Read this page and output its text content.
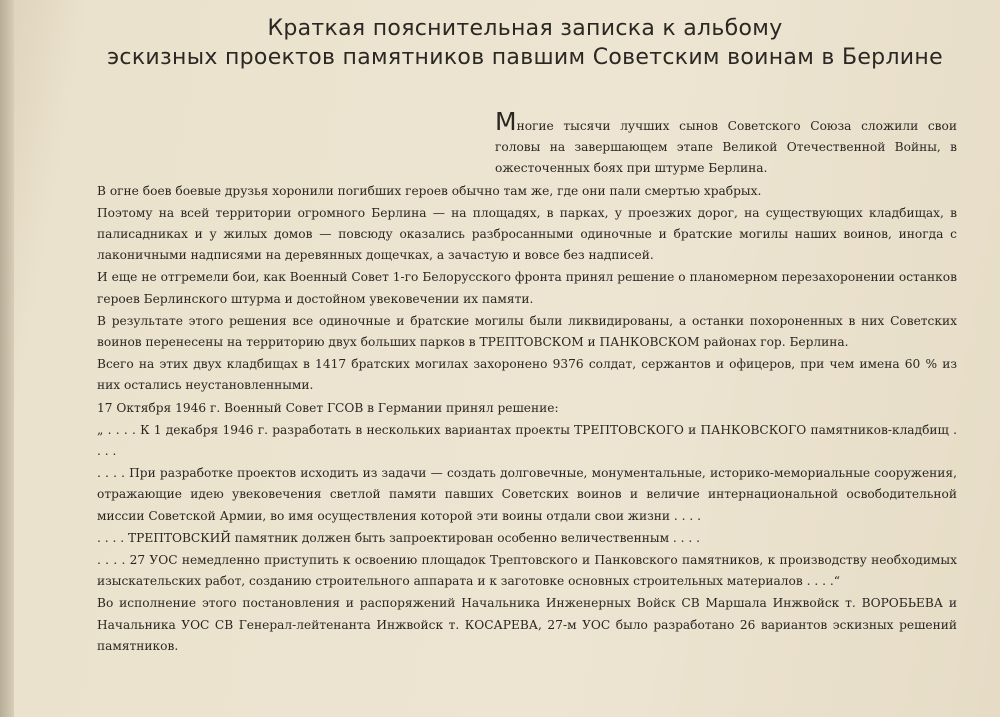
Краткая пояснительная записка к альбому
эскизных проектов памятников павшим Советским воинам в Берлине

Многие тысячи лучших сынов Советского Союза сложили свои головы на завершающем этапе Великой Отечественной Войны, в ожесточенных боях при штурме Берлина.

В огне боев боевые друзья хоронили погибших героев обычно там же, где они пали смертью храбрых.

Поэтому на всей территории огромного Берлина — на площадях, в парках, у проезжих дорог, на существующих кладбищах, в палисадниках и у жилых домов — повсюду оказались разбросанными одиночные и братские могилы наших воинов, иногда с лаконичными надписями на деревянных дощечках, а зачастую и вовсе без надписей.

И еще не отгремели бои, как Военный Совет 1-го Белорусского фронта принял решение о планомерном перезахоронении останков героев Берлинского штурма и достойном увековечении их памяти.

В результате этого решения все одиночные и братские могилы были ликвидированы, а останки похороненных в них Советских воинов перенесены на территорию двух больших парков в ТРЕПТОВСКОМ и ПАНКОВСКОМ районах гор. Берлина.

Всего на этих двух кладбищах в 1417 братских могилах захоронено 9376 солдат, сержантов и офицеров, при чем имена 60 % из них остались неустановленными.

17 Октября 1946 г. Военный Совет ГСОВ в Германии принял решение:

„ . . . . К 1 декабря 1946 г. разработать в нескольких вариантах проекты ТРЕПТОВСКОГО и ПАНКОВСКОГО памятников-кладбищ . . . .

. . . . При разработке проектов исходить из задачи — создать долговечные, монументальные, историко-мемориальные сооружения, отражающие идею увековечения светлой памяти павших Советских воинов и величие интернациональной освободительной миссии Советской Армии, во имя осуществления которой эти воины отдали свои жизни . . . .

. . . . ТРЕПТОВСКИЙ памятник должен быть запроектирован особенно величественным . . . .

. . . . 27 УОС немедленно приступить к освоению площадок Трептовского и Панковского памятников, к производству необходимых изыскательских работ, созданию строительного аппарата и к заготовке основных строительных материалов . . . .“

Во исполнение этого постановления и распоряжений Начальника Инженерных Войск СВ Маршала Инжвойск т. ВОРОБЬЕВА и Начальника УОС СВ Генерал-лейтенанта Инжвойск т. КОСАРЕВА, 27-м УОС было разработано 26 вариантов эскизных решений памятников.
